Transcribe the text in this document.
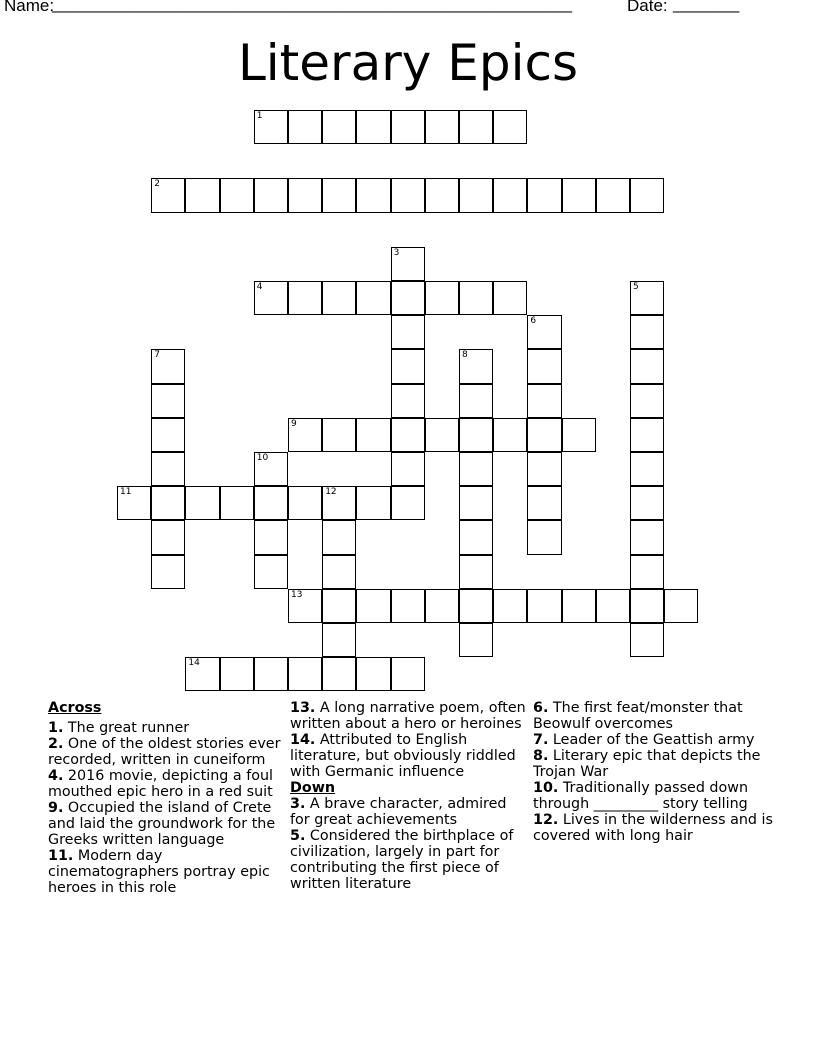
Name:
_______________________________________________________	Date: _______
Literary Epics
1
2
3
4	5
6
7	8
9
10
11	12
13
14
Across
1. The great runner
2. One of the oldest stories ever recorded, written in cuneiform
4. 2016 movie, depicting a foul mouthed epic hero in a red suit
9. Occupied the island of Crete and laid the groundwork for the Greeks written language
11. Modern day cinematographers portray epic heroes in this role
13. A long narrative poem, often written about a hero or heroines
14. Attributed to English literature, but obviously riddled with Germanic influence
Down
3. A brave character, admired for great achievements
5. Considered the birthplace of civilization, largely in part for contributing the first piece of written literature
6. The first feat/monster that Beowulf overcomes
7. Leader of the Geattish army
8. Literary epic that depicts the Trojan War
10. Traditionally passed down through _________ story telling
12. Lives in the wilderness and is covered with long hair
